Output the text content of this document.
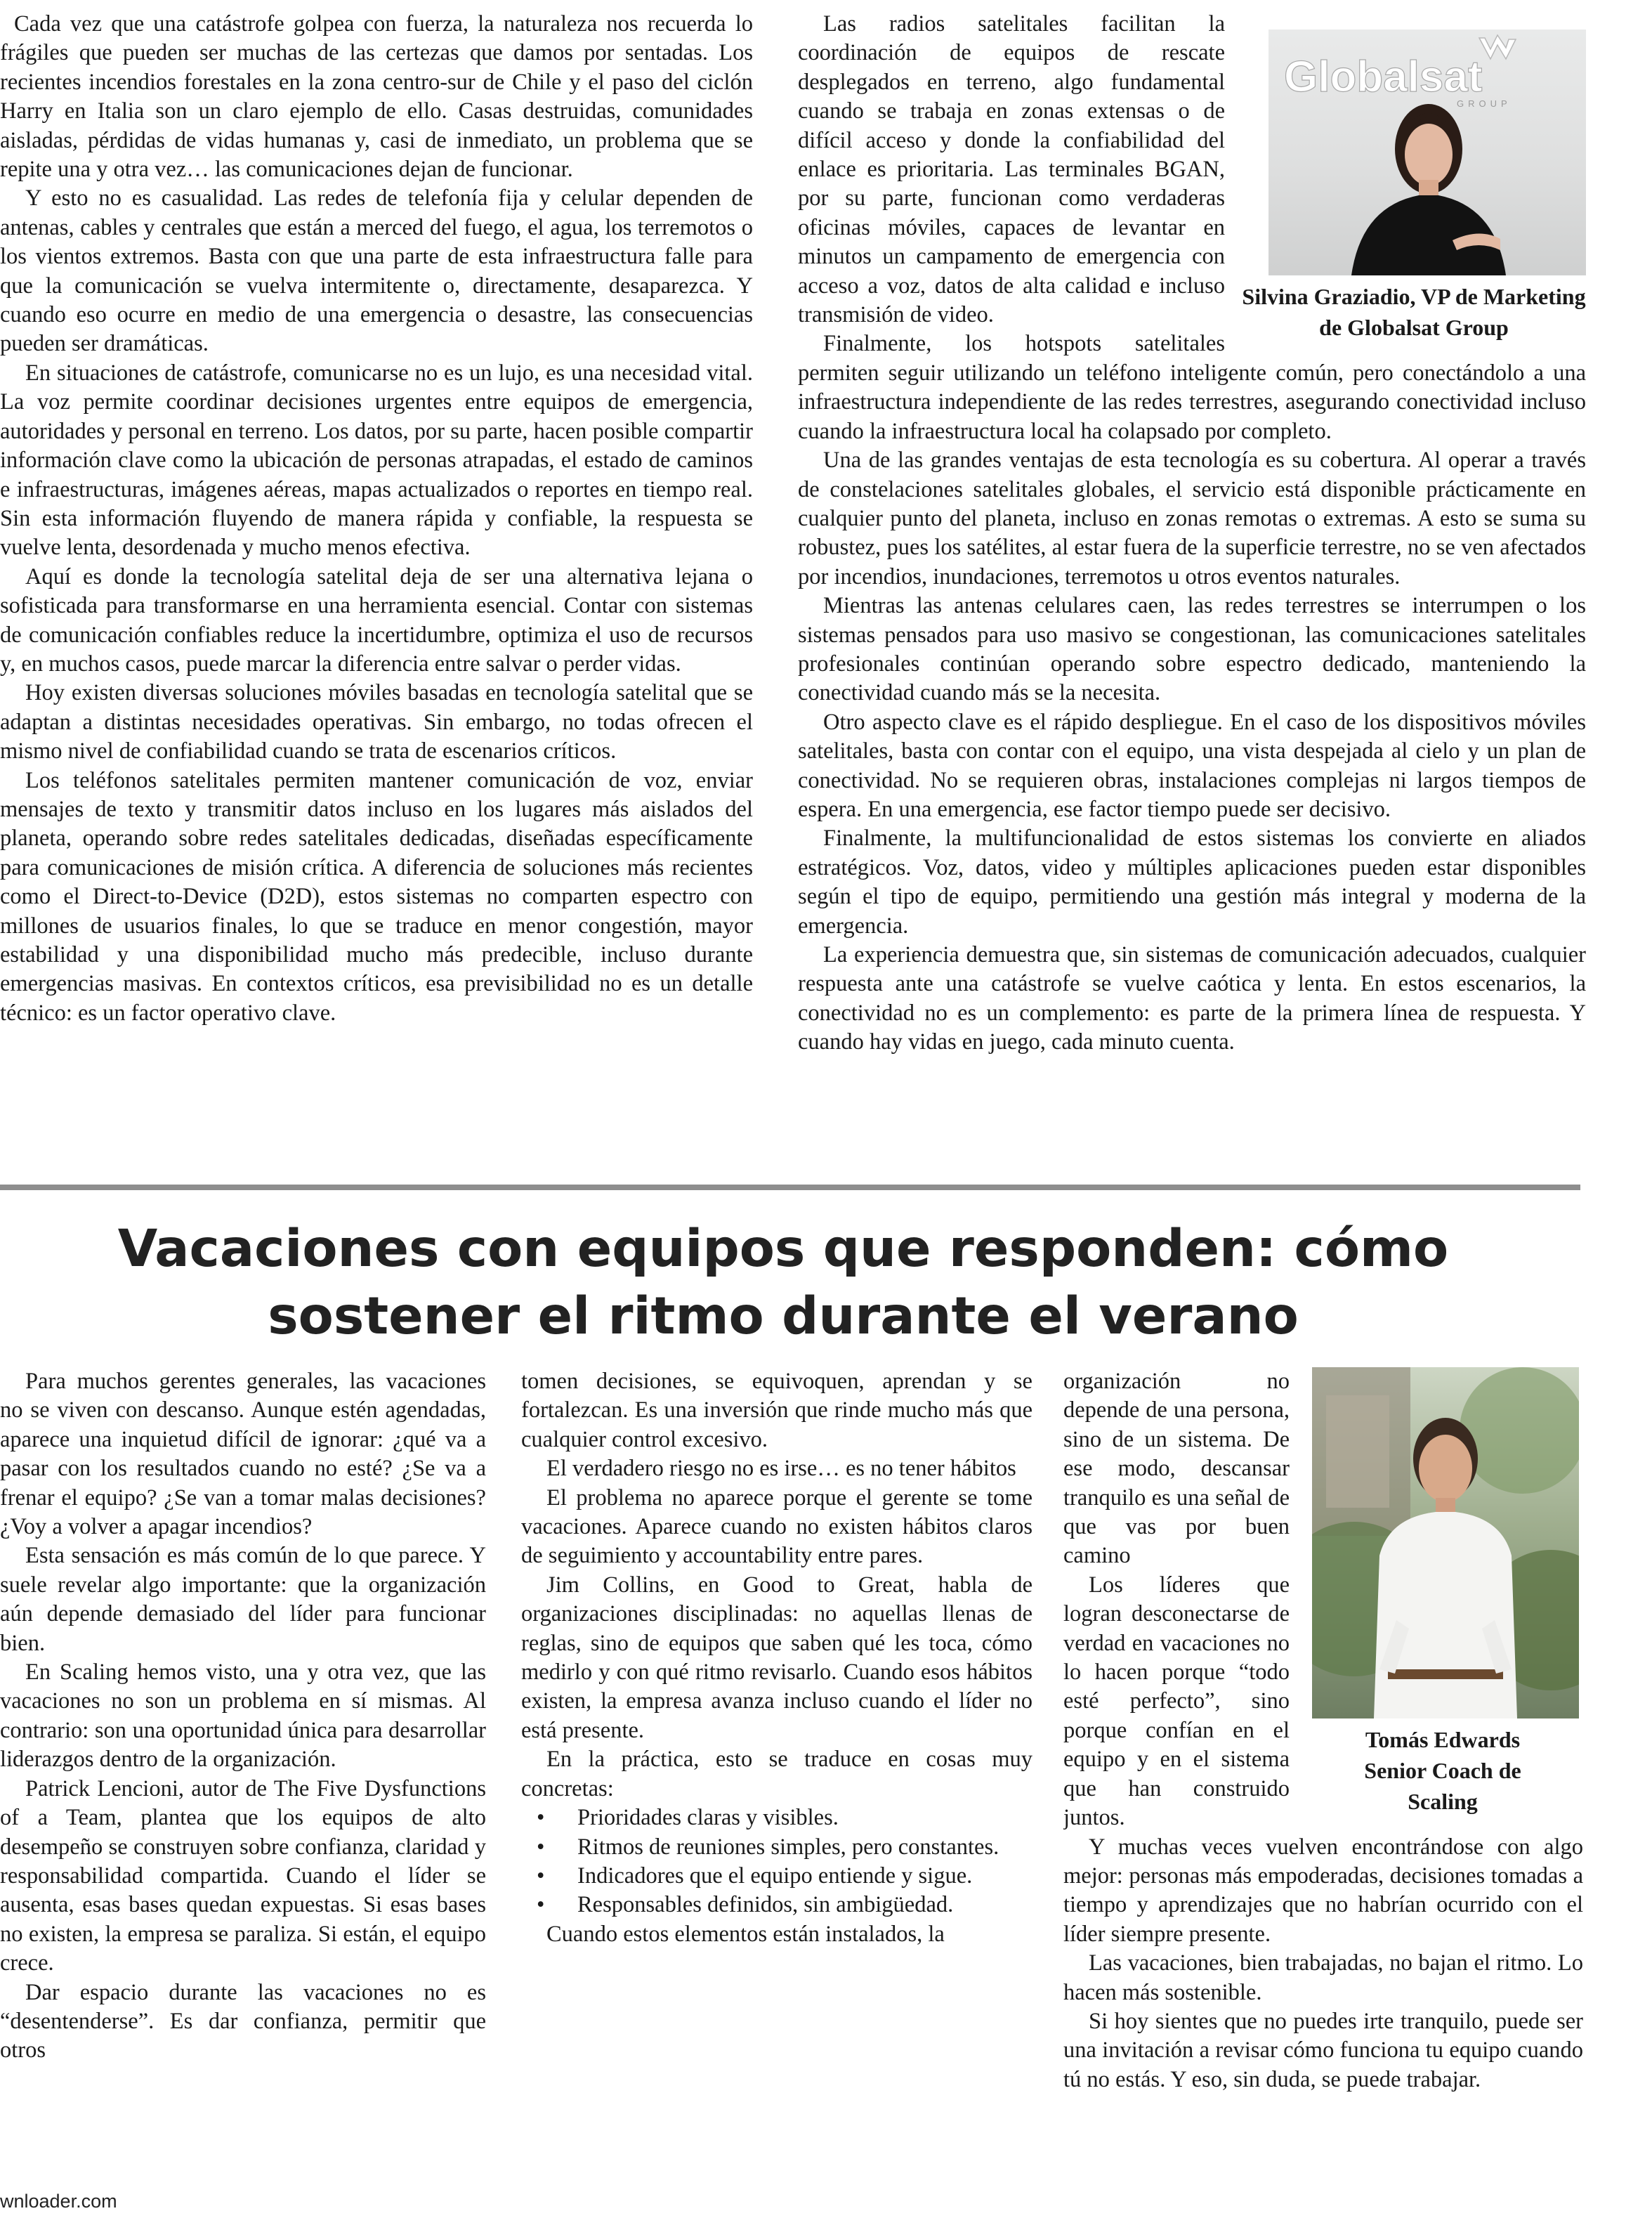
Cada vez que una catástrofe golpea con fuerza, la naturaleza nos recuerda lo frágiles que pueden ser muchas de las certezas que damos por sentadas. Los recientes incendios forestales en la zona centro-sur de Chile y el paso del ciclón Harry en Italia son un claro ejemplo de ello. Casas destruidas, comunidades aisladas, pérdidas de vidas humanas y, casi de inmediato, un problema que se repite una y otra vez… las comunicaciones dejan de funcionar.

Y esto no es casualidad. Las redes de telefonía fija y celular dependen de antenas, cables y centrales que están a merced del fuego, el agua, los terremotos o los vientos extremos. Basta con que una parte de esta infraestructura falle para que la comunicación se vuelva intermitente o, directamente, desaparezca. Y cuando eso ocurre en medio de una emergencia o desastre, las consecuencias pueden ser dramáticas.

En situaciones de catástrofe, comunicarse no es un lujo, es una necesidad vital. La voz permite coordinar decisiones urgentes entre equipos de emergencia, autoridades y personal en terreno. Los datos, por su parte, hacen posible compartir información clave como la ubicación de personas atrapadas, el estado de caminos e infraestructuras, imágenes aéreas, mapas actualizados o reportes en tiempo real. Sin esta información fluyendo de manera rápida y confiable, la respuesta se vuelve lenta, desordenada y mucho menos efectiva.

Aquí es donde la tecnología satelital deja de ser una alternativa lejana o sofisticada para transformarse en una herramienta esencial. Contar con sistemas de comunicación confiables reduce la incertidumbre, optimiza el uso de recursos y, en muchos casos, puede marcar la diferencia entre salvar o perder vidas.

Hoy existen diversas soluciones móviles basadas en tecnología satelital que se adaptan a distintas necesidades operativas. Sin embargo, no todas ofrecen el mismo nivel de confiabilidad cuando se trata de escenarios críticos.

Los teléfonos satelitales permiten mantener comunicación de voz, enviar mensajes de texto y transmitir datos incluso en los lugares más aislados del planeta, operando sobre redes satelitales dedicadas, diseñadas específicamente para comunicaciones de misión crítica. A diferencia de soluciones más recientes como el Direct-to-Device (D2D), estos sistemas no comparten espectro con millones de usuarios finales, lo que se traduce en menor congestión, mayor estabilidad y una disponibilidad mucho más predecible, incluso durante emergencias masivas. En contextos críticos, esa previsibilidad no es un detalle técnico: es un factor operativo clave.

Globalsat
GROUP
Silvina Graziadio, VP de Marketing de Globalsat Group

Las radios satelitales facilitan la coordinación de equipos de rescate desplegados en terreno, algo fundamental cuando se trabaja en zonas extensas o de difícil acceso y donde la confiabilidad del enlace es prioritaria. Las terminales BGAN, por su parte, funcionan como verdaderas oficinas móviles, capaces de levantar en minutos un campamento de emergencia con acceso a voz, datos de alta calidad e incluso transmisión de video.

Finalmente, los hotspots satelitales permiten seguir utilizando un teléfono inteligente común, pero conectándolo a una infraestructura independiente de las redes terrestres, asegurando conectividad incluso cuando la infraestructura local ha colapsado por completo.

Una de las grandes ventajas de esta tecnología es su cobertura. Al operar a través de constelaciones satelitales globales, el servicio está disponible prácticamente en cualquier punto del planeta, incluso en zonas remotas o extremas. A esto se suma su robustez, pues los satélites, al estar fuera de la superficie terrestre, no se ven afectados por incendios, inundaciones, terremotos u otros eventos naturales.

Mientras las antenas celulares caen, las redes terrestres se interrumpen o los sistemas pensados para uso masivo se congestionan, las comunicaciones satelitales profesionales continúan operando sobre espectro dedicado, manteniendo la conectividad cuando más se la necesita.

Otro aspecto clave es el rápido despliegue. En el caso de los dispositivos móviles satelitales, basta con contar con el equipo, una vista despejada al cielo y un plan de conectividad. No se requieren obras, instalaciones complejas ni largos tiempos de espera. En una emergencia, ese factor tiempo puede ser decisivo.

Finalmente, la multifuncionalidad de estos sistemas los convierte en aliados estratégicos. Voz, datos, video y múltiples aplicaciones pueden estar disponibles según el tipo de equipo, permitiendo una gestión más integral y moderna de la emergencia.

La experiencia demuestra que, sin sistemas de comunicación adecuados, cualquier respuesta ante una catástrofe se vuelve caótica y lenta. En estos escenarios, la conectividad no es un complemento: es parte de la primera línea de respuesta. Y cuando hay vidas en juego, cada minuto cuenta.

Vacaciones con equipos que responden: cómo
sostener el ritmo durante el verano

Para muchos gerentes generales, las vacaciones no se viven con descanso. Aunque estén agendadas, aparece una inquietud difícil de ignorar: ¿qué va a pasar con los resultados cuando no esté? ¿Se va a frenar el equipo? ¿Se van a tomar malas decisiones? ¿Voy a volver a apagar incendios?

Esta sensación es más común de lo que parece. Y suele revelar algo importante: que la organización aún depende demasiado del líder para funcionar bien.

En Scaling hemos visto, una y otra vez, que las vacaciones no son un problema en sí mismas. Al contrario: son una oportunidad única para desarrollar liderazgos dentro de la organización.

Patrick Lencioni, autor de The Five Dysfunctions of a Team, plantea que los equipos de alto desempeño se construyen sobre confianza, claridad y responsabilidad compartida. Cuando el líder se ausenta, esas bases quedan expuestas. Si esas bases no existen, la empresa se paraliza. Si están, el equipo crece.

Dar espacio durante las vacaciones no es “desentenderse”. Es dar confianza, permitir que otros

tomen decisiones, se equivoquen, aprendan y se fortalezcan. Es una inversión que rinde mucho más que cualquier control excesivo.

El verdadero riesgo no es irse… es no tener hábitos

El problema no aparece porque el gerente se tome vacaciones. Aparece cuando no existen hábitos claros de seguimiento y accountability entre pares.

Jim Collins, en Good to Great, habla de organizaciones disciplinadas: no aquellas llenas de reglas, sino de equipos que saben qué les toca, cómo medirlo y con qué ritmo revisarlo. Cuando esos hábitos existen, la empresa avanza incluso cuando el líder no está presente.

En la práctica, esto se traduce en cosas muy concretas:

• Prioridades claras y visibles.

• Ritmos de reuniones simples, pero constantes.

• Indicadores que el equipo entiende y sigue.

• Responsables definidos, sin ambigüedad.

Cuando estos elementos están instalados, la

Tomás Edwards
Senior Coach de
Scaling

organización no depende de una persona, sino de un sistema. De ese modo, descansar tranquilo es una señal de que vas por buen camino

Los líderes que logran desconectarse de verdad en vacaciones no lo hacen porque “todo esté perfecto”, sino porque confían en el equipo y en el sistema que han construido juntos.

Y muchas veces vuelven encontrándose con algo mejor: personas más empoderadas, decisiones tomadas a tiempo y aprendizajes que no habrían ocurrido con el líder siempre presente.

Las vacaciones, bien trabajadas, no bajan el ritmo. Lo hacen más sostenible.

Si hoy sientes que no puedes irte tranquilo, puede ser una invitación a revisar cómo funciona tu equipo cuando tú no estás. Y eso, sin duda, se puede trabajar.

wnloader.com
